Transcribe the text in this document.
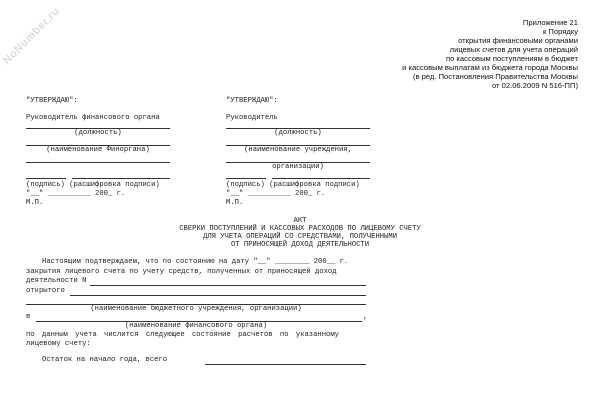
NoNumber.ru	Приложение 21
к Порядку
открытия финансовыми органами
лицевых счетов для учета операций
по кассовым поступлениям в бюджет
и кассовым выплатам из бюджета города Москвы
(в ред. Постановления Правительства Москвы
от 02.06.2009 N 516-ПП)
"УТВЕРЖДАЮ":
Руководитель финансового органа
(должность)
(наименование Финоргана)
(подпись) (расшифровка подписи)
"__" __________ 200_ г.
М.П.
"УТВЕРЖДАЮ":
Руководитель
(должность)
(наименование учреждения,
организации)
(подпись) (расшифровка подписи)
"__" __________ 200_ г.
М.П.
АКТ
СВЕРКИ ПОСТУПЛЕНИЙ И КАССОВЫХ РАСХОДОВ ПО ЛИЦЕВОМУ СЧЕТУ
ДЛЯ УЧЕТА ОПЕРАЦИЙ СО СРЕДСТВАМИ, ПОЛУЧЕННЫМИ
ОТ ПРИНОСЯЩЕЙ ДОХОД ДЕЯТЕЛЬНОСТИ
Настоящим подтверждаем, что по состоянию на дату "__" ________ 200__ г.
закрытия лицевого счета по учету средств, полученных от приносящей доход
деятельности N
открытого
(наименование бюджетного учреждения, организации)
в	,
(наименование финансового органа)
по данным учета числится следующее состояние расчетов по указанному
лицевому счету:
Остаток на начало года, всего
